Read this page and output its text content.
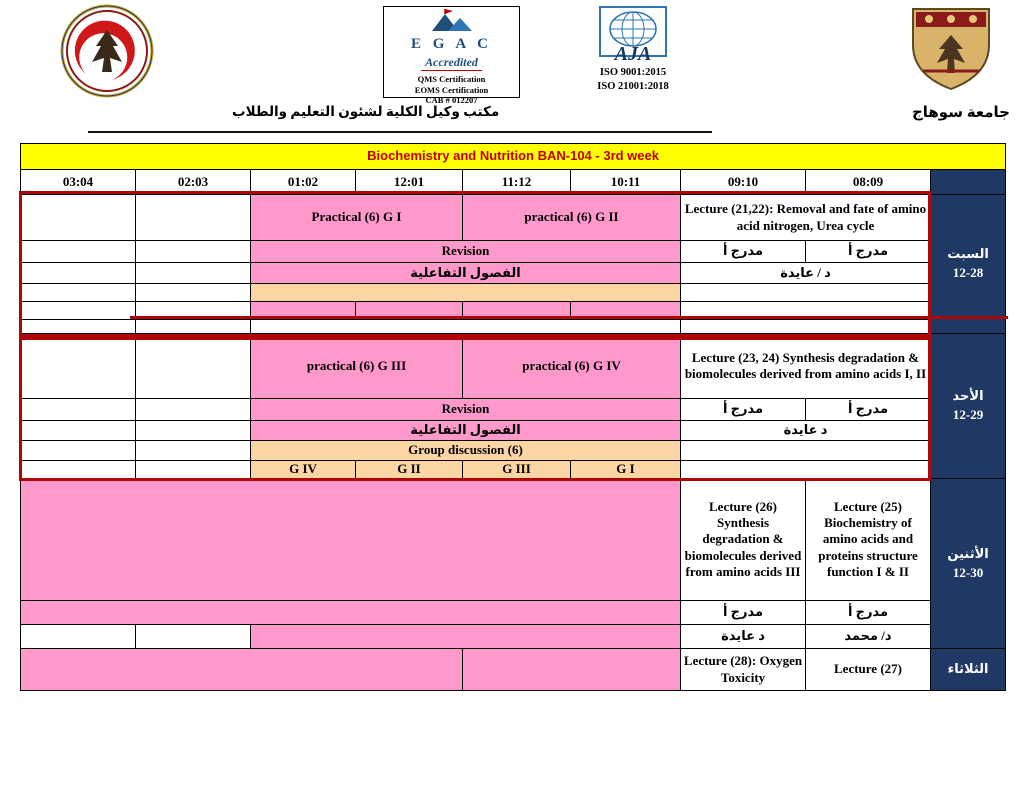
E G A C
Accredited
QMS Certification
EOMS Certification
CAB # 012207
AJA
ISO 9001:2015
ISO 21001:2018
جامعة سوهاج
مكتب وكيل الكلية لشئون التعليم والطلاب
Biochemistry and Nutrition BAN-104 - 3rd week								
03:04	02:03	01:02	12:01	11:12	10:11	09:10	08:09	
		Practical (6) G I		practical (6) G II		Lecture (21,22): Removal and fate of amino acid nitrogen, Urea cycle		السبت
12-28

		Revision				مدرج أ	مدرج أ	
		الفصول التفاعلية				د / عايدة		

		practical (6) G III		practical (6) G IV		Lecture (23, 24) Synthesis degradation & biomolecules derived from amino acids I, II		الأحد
12-29

		Revision				مدرج أ	مدرج أ	
		الفصول التفاعلية				د عايدة		
		Group discussion (6)						
		G IV	G II	G III	G I			
						Lecture (26) Synthesis degradation & biomolecules derived from amino acids III	Lecture (25) Biochemistry of amino acids and proteins structure function I & II	الأثنين
12-30

						مدرج أ	مدرج أ	
						د عايدة	د/ محمد	
						Lecture (28): Oxygen Toxicity	Lecture (27)	الثلاثاء
